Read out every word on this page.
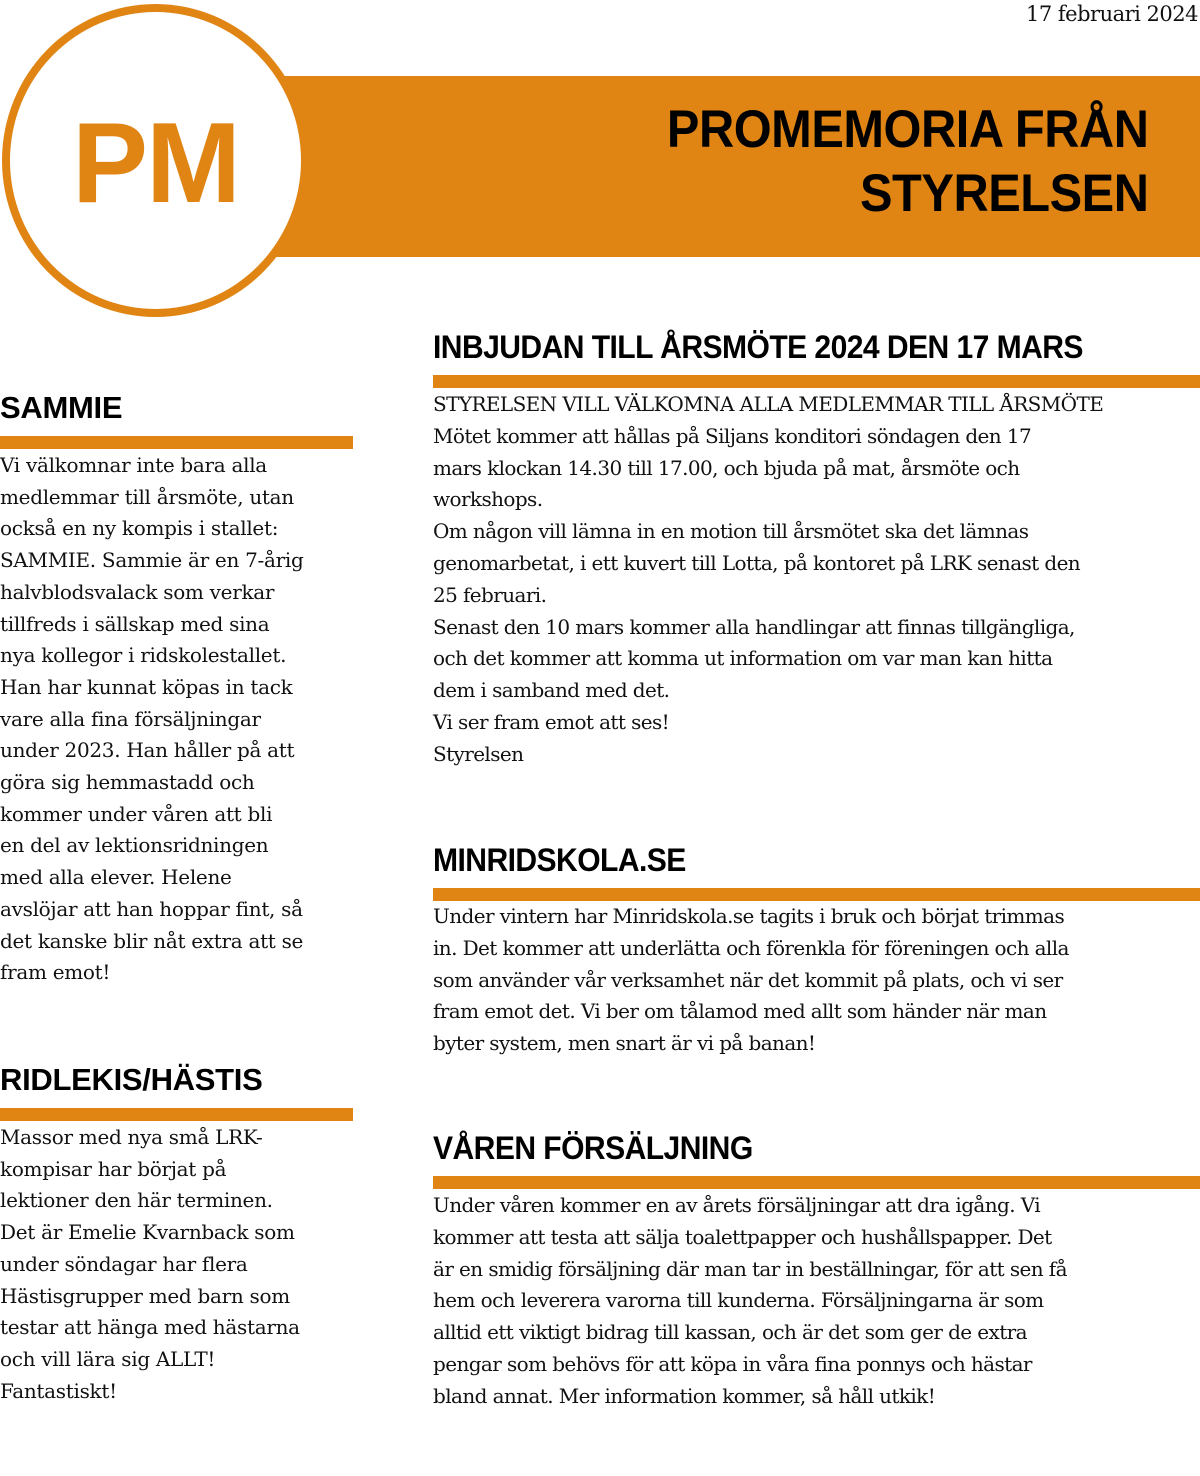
17 februari 2024
PROMEMORIA FRÅN
STYRELSEN
PM
SAMMIE
Vi välkomnar inte bara alla
medlemmar till årsmöte, utan
också en ny kompis i stallet:
SAMMIE. Sammie är en 7-årig
halvblodsvalack som verkar
tillfreds i sällskap med sina
nya kollegor i ridskolestallet.
Han har kunnat köpas in tack
vare alla fina försäljningar
under 2023. Han håller på att
göra sig hemmastadd och
kommer under våren att bli
en del av lektionsridningen
med alla elever. Helene
avslöjar att han hoppar fint, så
det kanske blir nåt extra att se
fram emot!
RIDLEKIS/HÄSTIS
Massor med nya små LRK-
kompisar har börjat på
lektioner den här terminen.
Det är Emelie Kvarnback som
under söndagar har flera
Hästisgrupper med barn som
testar att hänga med hästarna
och vill lära sig ALLT!
Fantastiskt!
INBJUDAN TILL ÅRSMÖTE 2024 DEN 17 MARS
STYRELSEN VILL VÄLKOMNA ALLA MEDLEMMAR TILL ÅRSMÖTE
Mötet kommer att hållas på Siljans konditori söndagen den 17
mars klockan 14.30 till 17.00, och bjuda på mat, årsmöte och
workshops.
Om någon vill lämna in en motion till årsmötet ska det lämnas
genomarbetat, i ett kuvert till Lotta, på kontoret på LRK senast den
25 februari.
Senast den 10 mars kommer alla handlingar att finnas tillgängliga,
och det kommer att komma ut information om var man kan hitta
dem i samband med det.
Vi ser fram emot att ses!
Styrelsen
MINRIDSKOLA.SE
Under vintern har Minridskola.se tagits i bruk och börjat trimmas
in. Det kommer att underlätta och förenkla för föreningen och alla
som använder vår verksamhet när det kommit på plats, och vi ser
fram emot det. Vi ber om tålamod med allt som händer när man
byter system, men snart är vi på banan!
VÅREN FÖRSÄLJNING
Under våren kommer en av årets försäljningar att dra igång. Vi
kommer att testa att sälja toalettpapper och hushållspapper. Det
är en smidig försäljning där man tar in beställningar, för att sen få
hem och leverera varorna till kunderna. Försäljningarna är som
alltid ett viktigt bidrag till kassan, och är det som ger de extra
pengar som behövs för att köpa in våra fina ponnys och hästar
bland annat. Mer information kommer, så håll utkik!
